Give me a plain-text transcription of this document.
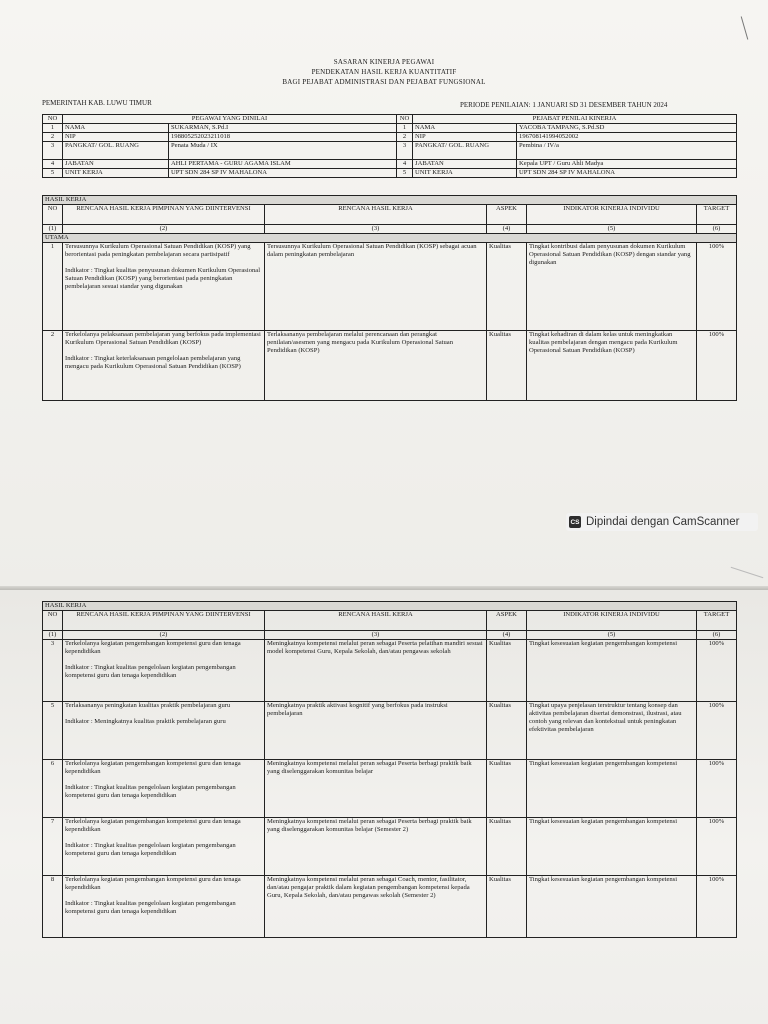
SASARAN KINERJA PEGAWAI
PENDEKATAN HASIL KERJA KUANTITATIF
BAGI PEJABAT ADMINISTRASI DAN PEJABAT FUNGSIONAL
PEMERINTAH KAB. LUWU TIMUR	PERIODE PENILAIAN: 1 JANUARI SD 31 DESEMBER TAHUN 2024
NO	PEGAWAI YANG DINILAI		NO	PEJABAT PENILAI KINERJA	
1	NAMA	SUKARMAN, S.Pd.I	1	NAMA	YACOBA TAMPANG, S.Pd.SD
2	NIP	198805252023211018	2	NIP	196708141994052002
3	PANGKAT/ GOL. RUANG	Penata Muda / IX	3	PANGKAT/ GOL. RUANG	Pembina / IV/a
4	JABATAN	AHLI PERTAMA - GURU AGAMA ISLAM	4	JABATAN	Kepala UPT / Guru Ahli Madya
5	UNIT KERJA	UPT SDN 284 SP IV MAHALONA	5	UNIT KERJA	UPT SDN 284 SP IV MAHALONA
HASIL KERJA					
NO	RENCANA HASIL KERJA PIMPINAN YANG DIINTERVENSI	RENCANA HASIL KERJA	ASPEK	INDIKATOR KINERJA INDIVIDU	TARGET
(1)	(2)	(3)	(4)	(5)	(6)
UTAMA					
1	Tersusunnya Kurikulum Operasional Satuan Pendidikan (KOSP) yang berorientasi pada peningkatan pembelajaran secara partisipatif

Indikator : Tingkat kualitas penyusunan dokumen Kurikulum Operasional Satuan Pendidikan (KOSP) yang berorientasi pada peningkatan pembelajaran sesuai standar yang digunakan	Tersusunnya Kurikulum Operasional Satuan Pendidikan (KOSP) sebagai acuan dalam peningkatan pembelajaran	Kualitas	Tingkat kontribusi dalam penyusunan dokumen Kurikulum Operasional Satuan Pendidikan (KOSP) dengan standar yang digunakan	100%
2	Terkelolanya pelaksanaan pembelajaran yang berfokus pada implementasi Kurikulum Operasional Satuan Pendidikan (KOSP)

Indikator : Tingkat keterlaksanaan pengelolaan pembelajaran yang mengacu pada Kurikulum Operasional Satuan Pendidikan (KOSP)	Terlaksananya pembelajaran melalui perencanaan dan perangkat penilaian/asesmen yang mengacu pada Kurikulum Operasional Satuan Pendidikan (KOSP)	Kualitas	Tingkat kehadiran di dalam kelas untuk meningkatkan kualitas pembelajaran dengan mengacu pada Kurikulum Operasional Satuan Pendidikan (KOSP)	100%
CS Dipindai dengan CamScanner
HASIL KERJA					
NO	RENCANA HASIL KERJA PIMPINAN YANG DIINTERVENSI	RENCANA HASIL KERJA	ASPEK	INDIKATOR KINERJA INDIVIDU	TARGET
(1)	(2)	(3)	(4)	(5)	(6)
3	Terkelolanya kegiatan pengembangan kompetensi guru dan tenaga kependidikan

Indikator : Tingkat kualitas pengelolaan kegiatan pengembangan kompetensi guru dan tenaga kependidikan	Meningkatnya kompetensi melalui peran sebagai Peserta pelatihan mandiri sesuai model kompetensi Guru, Kepala Sekolah, dan/atau pengawas sekolah	Kualitas	Tingkat kesesuaian kegiatan pengembangan kompetensi	100%
5	Terlaksananya peningkatan kualitas praktik pembelajaran guru

Indikator : Meningkatnya kualitas praktik pembelajaran guru	Meningkatnya praktik aktivasi kognitif yang berfokus pada instruksi pembelajaran	Kualitas	Tingkat upaya penjelasan terstruktur tentang konsep dan aktivitas pembelajaran disertai demonstrasi, ilustrasi, atau contoh yang relevan dan kontekstual untuk peningkatan efektivitas pembelajaran	100%
6	Terkelolanya kegiatan pengembangan kompetensi guru dan tenaga kependidikan

Indikator : Tingkat kualitas pengelolaan kegiatan pengembangan kompetensi guru dan tenaga kependidikan	Meningkatnya kompetensi melalui peran sebagai Peserta berbagi praktik baik yang diselenggarakan komunitas belajar	Kualitas	Tingkat kesesuaian kegiatan pengembangan kompetensi	100%
7	Terkelolanya kegiatan pengembangan kompetensi guru dan tenaga kependidikan

Indikator : Tingkat kualitas pengelolaan kegiatan pengembangan kompetensi guru dan tenaga kependidikan	Meningkatnya kompetensi melalui peran sebagai Peserta berbagi praktik baik yang diselenggarakan komunitas belajar (Semester 2)	Kualitas	Tingkat kesesuaian kegiatan pengembangan kompetensi	100%
8	Terkelolanya kegiatan pengembangan kompetensi guru dan tenaga kependidikan

Indikator : Tingkat kualitas pengelolaan kegiatan pengembangan kompetensi guru dan tenaga kependidikan	Meningkatnya kompetensi melalui peran sebagai Coach, mentor, fasilitator, dan/atau pengajar praktik dalam kegiatan pengembangan kompetensi kepada Guru, Kepala Sekolah, dan/atau pengawas sekolah (Semester 2)	Kualitas	Tingkat kesesuaian kegiatan pengembangan kompetensi	100%
